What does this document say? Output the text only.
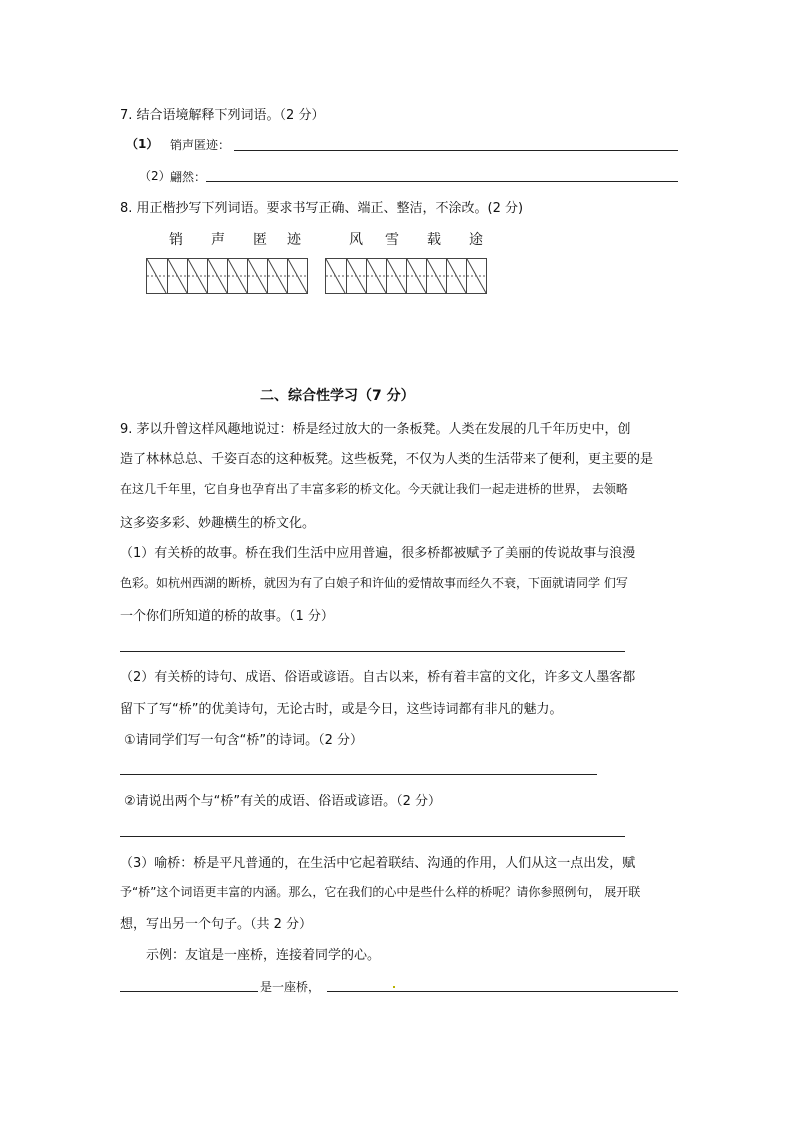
7. 结合语境解释下列词语。（2 分）
（1） 销声匿迹：
（2） 翩然：
8. 用正楷抄写下列词语。要求书写正确、端正、整洁，不涂改。(2 分)
销 声 匿 迹	风 雪 载 途
二、综合性学习（7 分）
9. 茅以升曾这样风趣地说过：桥是经过放大的一条板凳。人类在发展的几千年历史中，创
造了林林总总、千姿百态的这种板凳。这些板凳，不仅为人类的生活带来了便利，更主要的是
在这几千年里，它自身也孕育出了丰富多彩的桥文化。今天就让我们一起走进桥的世界， 去领略
这多姿多彩、妙趣横生的桥文化。
（1）有关桥的故事。桥在我们生活中应用普遍，很多桥都被赋予了美丽的传说故事与浪漫
色彩。如杭州西湖的断桥，就因为有了白娘子和许仙的爱情故事而经久不衰，下面就请同学 们写
一个你们所知道的桥的故事。（1 分）
（2）有关桥的诗句、成语、俗语或谚语。自古以来，桥有着丰富的文化，许多文人墨客都
留下了写“桥”的优美诗句，无论古时，或是今日，这些诗词都有非凡的魅力。
①请同学们写一句含“桥”的诗词。（2 分）
②请说出两个与“桥”有关的成语、俗语或谚语。（2 分）
（3）喻桥：桥是平凡普通的，在生活中它起着联结、沟通的作用，人们从这一点出发，赋
予“桥”这个词语更丰富的内涵。那么，它在我们的心中是些什么样的桥呢？请你参照例句， 展开联
想，写出另一个句子。（共 2 分）
示例：友谊是一座桥，连接着同学的心。
是一座桥，
